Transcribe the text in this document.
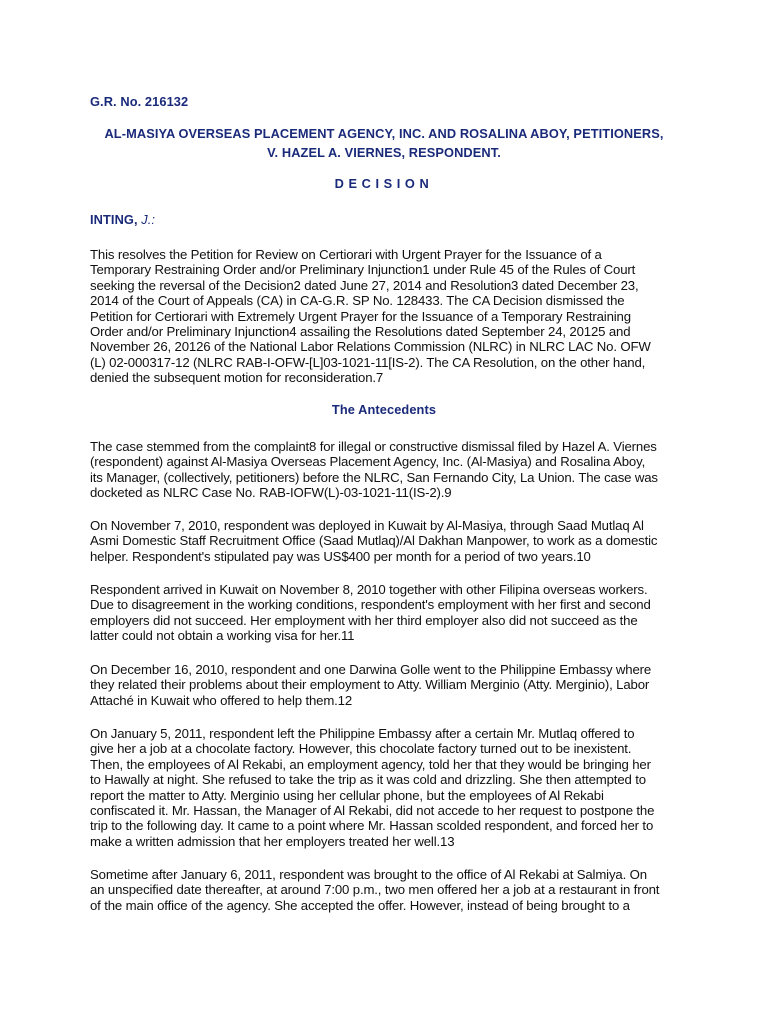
G.R. No. 216132
AL-MASIYA OVERSEAS PLACEMENT AGENCY, INC. AND ROSALINA ABOY, PETITIONERS,
V. HAZEL A. VIERNES, RESPONDENT.
DECISION
INTING, J.:

This resolves the Petition for Review on Certiorari with Urgent Prayer for the Issuance of a Temporary Restraining Order and/or Preliminary Injunction1 under Rule 45 of the Rules of Court seeking the reversal of the Decision2 dated June 27, 2014 and Resolution3 dated December 23, 2014 of the Court of Appeals (CA) in CA-G.R. SP No. 128433. The CA Decision dismissed the Petition for Certiorari with Extremely Urgent Prayer for the Issuance of a Temporary Restraining Order and/or Preliminary Injunction4 assailing the Resolutions dated September 24, 20125 and November 26, 20126 of the National Labor Relations Commission (NLRC) in NLRC LAC No. OFW (L) 02-000317-12 (NLRC RAB-I-OFW-[L]03-1021-11[IS-2). The CA Resolution, on the other hand, denied the subsequent motion for reconsideration.7

The Antecedents

The case stemmed from the complaint8 for illegal or constructive dismissal filed by Hazel A. Viernes (respondent) against Al-Masiya Overseas Placement Agency, Inc. (Al-Masiya) and Rosalina Aboy, its Manager, (collectively, petitioners) before the NLRC, San Fernando City, La Union. The case was docketed as NLRC Case No. RAB-IOFW(L)-03-1021-11(IS-2).9

On November 7, 2010, respondent was deployed in Kuwait by Al-Masiya, through Saad Mutlaq Al Asmi Domestic Staff Recruitment Office (Saad Mutlaq)/Al Dakhan Manpower, to work as a domestic helper. Respondent's stipulated pay was US$400 per month for a period of two years.10

Respondent arrived in Kuwait on November 8, 2010 together with other Filipina overseas workers. Due to disagreement in the working conditions, respondent's employment with her first and second employers did not succeed. Her employment with her third employer also did not succeed as the latter could not obtain a working visa for her.11

On December 16, 2010, respondent and one Darwina Golle went to the Philippine Embassy where they related their problems about their employment to Atty. William Merginio (Atty. Merginio), Labor Attaché in Kuwait who offered to help them.12

On January 5, 2011, respondent left the Philippine Embassy after a certain Mr. Mutlaq offered to give her a job at a chocolate factory. However, this chocolate factory turned out to be inexistent. Then, the employees of Al Rekabi, an employment agency, told her that they would be bringing her to Hawally at night. She refused to take the trip as it was cold and drizzling. She then attempted to report the matter to Atty. Merginio using her cellular phone, but the employees of Al Rekabi confiscated it. Mr. Hassan, the Manager of Al Rekabi, did not accede to her request to postpone the trip to the following day. It came to a point where Mr. Hassan scolded respondent, and forced her to make a written admission that her employers treated her well.13

Sometime after January 6, 2011, respondent was brought to the office of Al Rekabi at Salmiya. On an unspecified date thereafter, at around 7:00 p.m., two men offered her a job at a restaurant in front of the main office of the agency. She accepted the offer. However, instead of being brought to a
